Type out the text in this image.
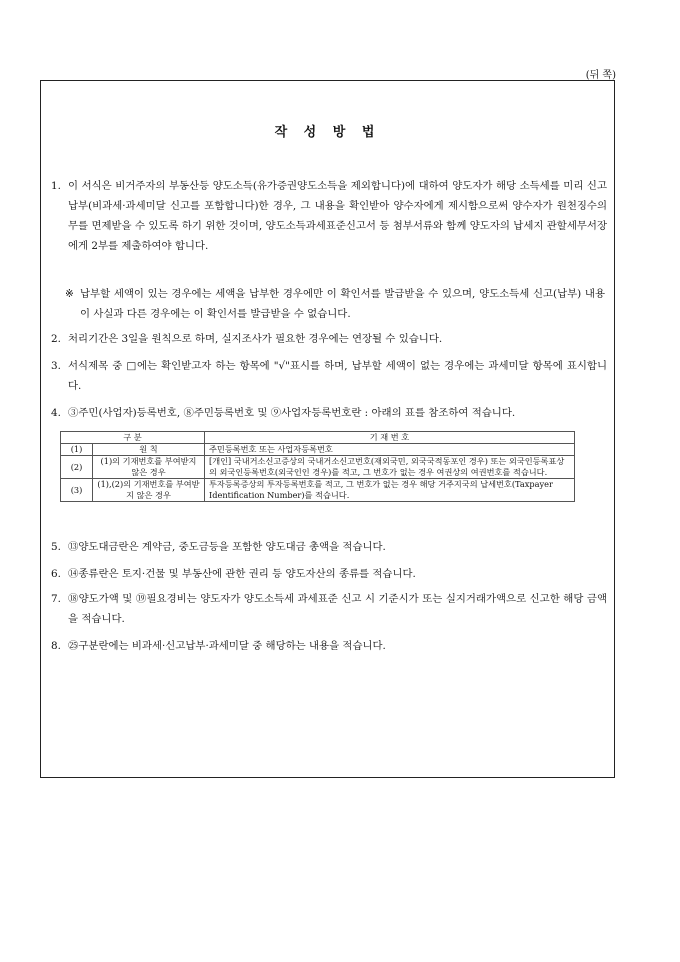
(뒤 쪽)
작 성 방 법
1. 이 서식은 비거주자의 부동산등 양도소득(유가증권양도소득을 제외합니다)에 대하여 양도자가 해당 소득세를 미리 신고납부(비과세·과세미달 신고를 포함합니다)한 경우, 그 내용을 확인받아 양수자에게 제시함으로써 양수자가 원천징수의무를 면제받을 수 있도록 하기 위한 것이며, 양도소득과세표준신고서 등 첨부서류와 함께 양도자의 납세지 관할세무서장에게 2부를 제출하여야 합니다.
※ 납부할 세액이 있는 경우에는 세액을 납부한 경우에만 이 확인서를 발급받을 수 있으며, 양도소득세 신고(납부) 내용이 사실과 다른 경우에는 이 확인서를 발급받을 수 없습니다.
2. 처리기간은 3일을 원칙으로 하며, 실지조사가 필요한 경우에는 연장될 수 있습니다.
3. 서식제목 중 □에는 확인받고자 하는 항목에 "√"표시를 하며, 납부할 세액이 없는 경우에는 과세미달 항목에 표시합니다.
4. ③주민(사업자)등록번호, ⑧주민등록번호 및 ⑨사업자등록번호란 : 아래의 표를 참조하여 적습니다.
구 분		기 재 번 호
(1)	원 칙	주민등록번호 또는 사업자등록번호
(2)	(1)의 기재번호를 부여받지 않은 경우	[개인] 국내거소신고증상의 국내거소신고번호(재외국민, 외국국적동포인 경우) 또는 외국인등록표상의 외국인등록번호(외국인인 경우)를 적고, 그 번호가 없는 경우 여권상의 여권번호를 적습니다.
(3)	(1),(2)의 기재번호를 부여받지 않은 경우	투자등록증상의 투자등록번호를 적고, 그 번호가 없는 경우 해당 거주지국의 납세번호(Taxpayer Identification Number)를 적습니다.
5. ⑬양도대금란은 계약금, 중도금등을 포함한 양도대금 총액을 적습니다.
6. ⑭종류란은 토지·건물 및 부동산에 관한 권리 등 양도자산의 종류를 적습니다.
7. ⑱양도가액 및 ⑲필요경비는 양도자가 양도소득세 과세표준 신고 시 기준시가 또는 실지거래가액으로 신고한 해당 금액을 적습니다.
8. ㉕구분란에는 비과세·신고납부·과세미달 중 해당하는 내용을 적습니다.
